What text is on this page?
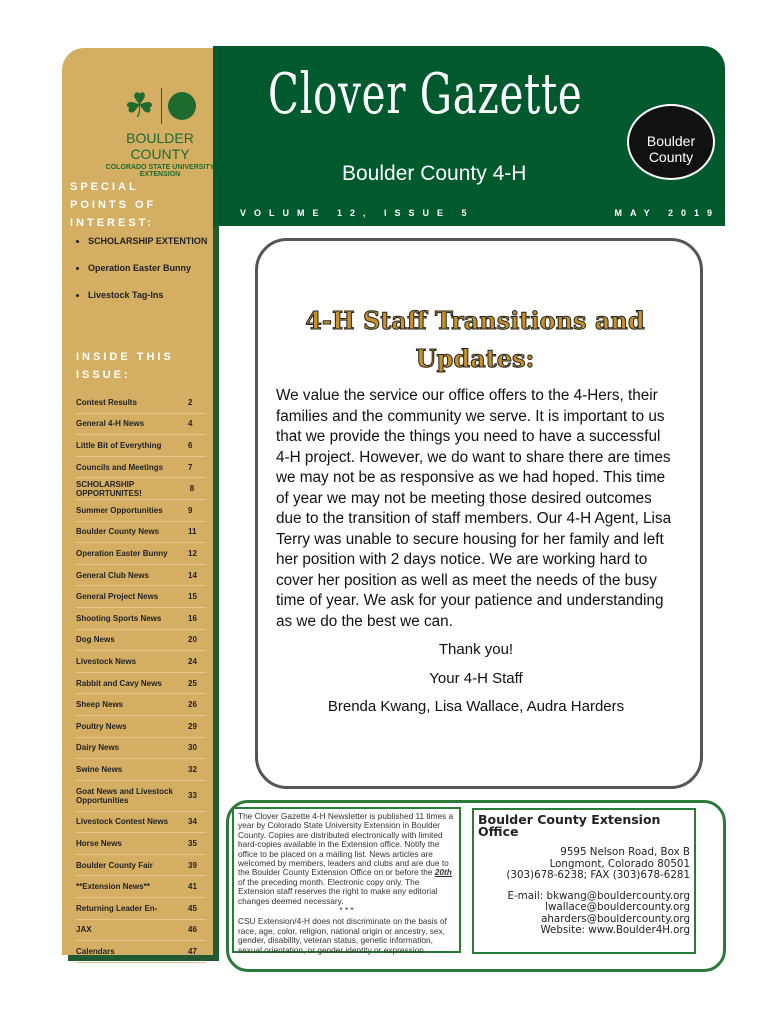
Clover Gazette
Boulder County 4-H
VOLUME 12, ISSUE 5	MAY 2019
Boulder County
☘
BOULDER COUNTY
COLORADO STATE UNIVERSITY
EXTENSION
SPECIAL POINTS OF INTEREST:
• SCHOLARSHIP EXTENTION
• Operation Easter Bunny
• Livestock Tag-Ins
INSIDE THIS ISSUE:
Contest Results	2
General 4-H News	4
Little Bit of Everything	6
Councils and Meetings	7
SCHOLARSHIP OPPORTUNITES!	8
Summer Opportunities	9
Boulder County News	11
Operation Easter Bunny	12
General Club News	14
General Project News	15
Shooting Sports News	16
Dog News	20
Livestock News	24
Rabbit and Cavy News	25
Sheep News	26
Poultry News	29
Dairy News	30
Swine News	32
Goat News and Livestock Opportunities	33
Livestock Contest News 34
Horse News	35
Boulder County Fair	39
**Extension News**	41
Returning Leader En-	45
JAX	46
Calendars	47
4-H Staff Transitions and Updates:
We value the service our office offers to the 4-Hers, their families and the community we serve. It is important to us that we provide the things you need to have a successful 4-H project. However, we do want to share there are times we may not be as responsive as we had hoped. This time of year we may not be meeting those desired outcomes due to the transition of staff members. Our 4-H Agent, Lisa Terry was unable to secure housing for her family and left her position with 2 days notice. We are working hard to cover her position as well as meet the needs of the busy time of year. We ask for your patience and understanding as we do the best we can.
Thank you!
Your 4-H Staff
Brenda Kwang, Lisa Wallace, Audra Harders
The Clover Gazette 4-H Newsletter is published 11 times a year by Colorado State University Extension in Boulder County. Copies are distributed electronically with limited hard-copies available in the Extension office. Notify the office to be placed on a mailing list. News articles are welcomed by members, leaders and clubs and are due to the Boulder County Extension Office on or before the 20th of the preceding month. Electronic copy only. The Extension staff reserves the right to make any editorial changes deemed necessary.
* * *
CSU Extension/4-H does not discriminate on the basis of race, age, color, religion, national origin or ancestry, sex, gender, disability, veteran status, genetic information, sexual orientation, or gender identity or expression.
Boulder County Extension Office
9595 Nelson Road, Box B
Longmont, Colorado 80501
(303)678-6238; FAX (303)678-6281
E-mail: bkwang@bouldercounty.org
lwallace@bouldercounty.org
aharders@bouldercounty.org
Website: www.Boulder4H.org
